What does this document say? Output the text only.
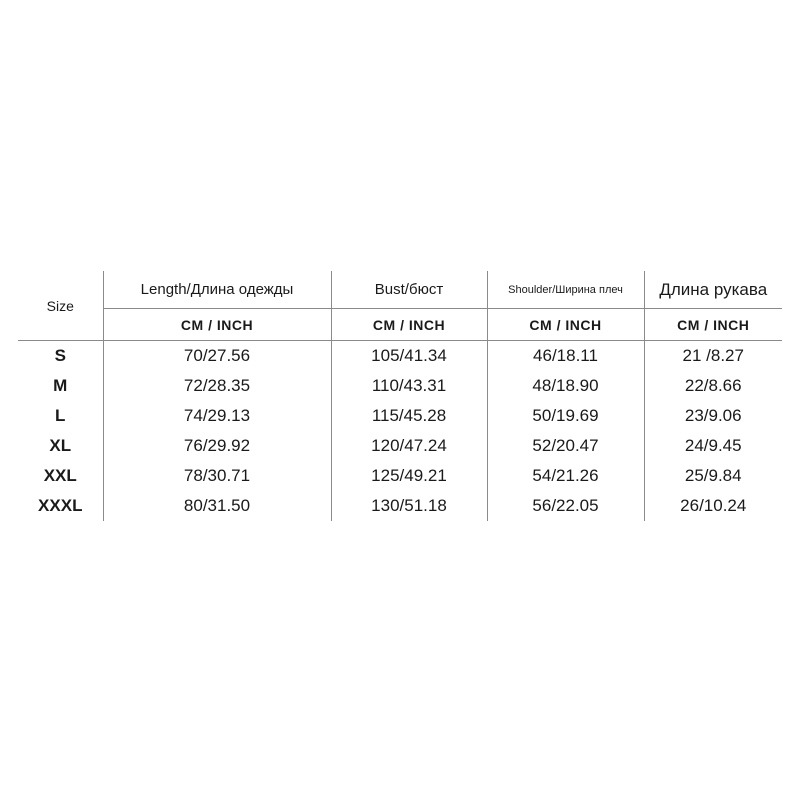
Size	Length/Длина одежды	Bust/бюст	Shoulder/Ширина плеч	Длина рукава
	CM / INCH	CM / INCH	CM / INCH	CM / INCH
S	70/27.56	105/41.34	46/18.11	21 /8.27
M	72/28.35	110/43.31	48/18.90	22/8.66
L	74/29.13	115/45.28	50/19.69	23/9.06
XL	76/29.92	120/47.24	52/20.47	24/9.45
XXL	78/30.71	125/49.21	54/21.26	25/9.84
XXXL	80/31.50	130/51.18	56/22.05	26/10.24
